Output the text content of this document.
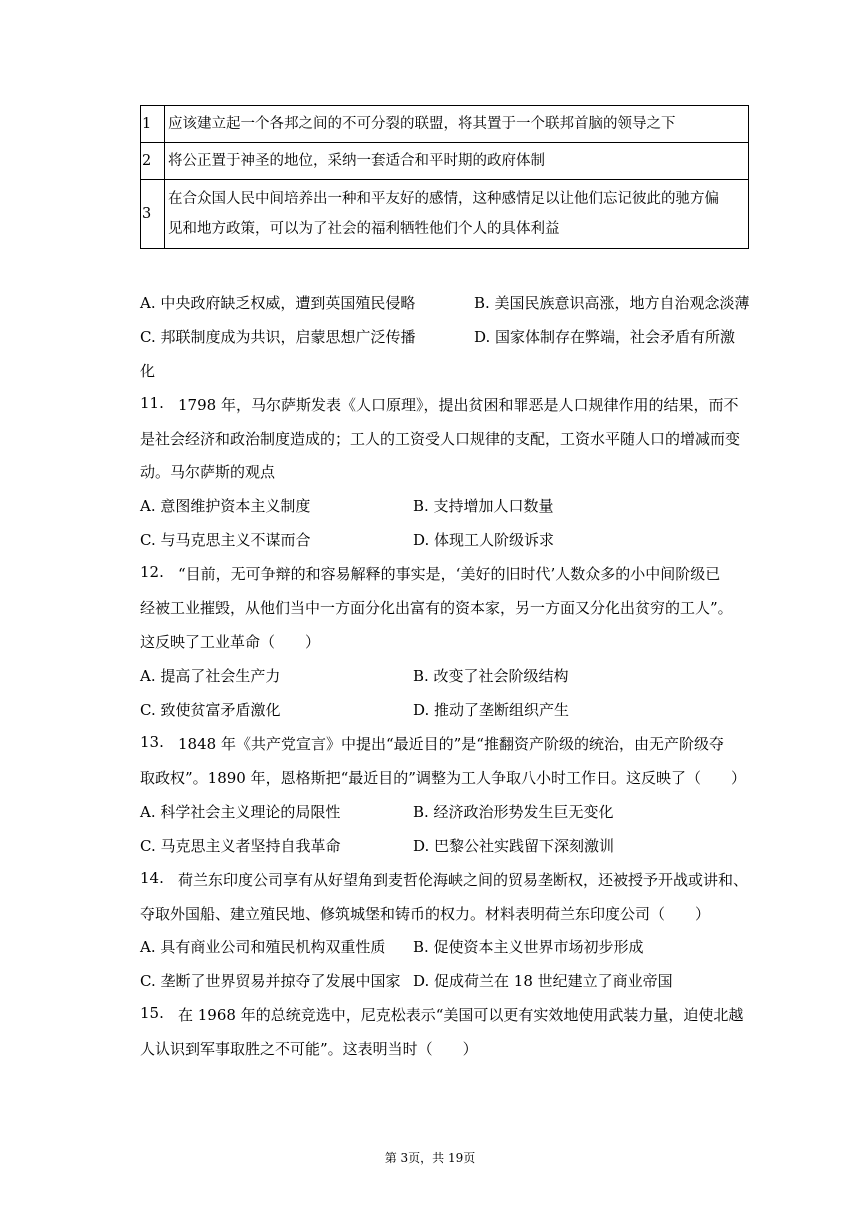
1	应该建立起一个各邦之间的不可分裂的联盟，将其置于一个联邦首脑的领导之下
2	将公正置于神圣的地位，采纳一套适合和平时期的政府体制
3	在合众国人民中间培养出一种和平友好的感情，这种感情足以让他们忘记彼此的驰方偏
见和地方政策，可以为了社会的福利牺牲他们个人的具体利益
A. 中央政府缺乏权威，遭到英国殖民侵略	B. 美国民族意识高涨，地方自治观念淡薄
C. 邦联制度成为共识，启蒙思想广泛传播	D. 国家体制存在弊端，社会矛盾有所激
化
11. 1798 年，马尔萨斯发表《人口原理》，提出贫困和罪恶是人口规律作用的结果，而不
是社会经济和政治制度造成的；工人的工资受人口规律的支配，工资水平随人口的增减而变
动。马尔萨斯的观点
A. 意图维护资本主义制度	B. 支持增加人口数量
C. 与马克思主义不谋而合	D. 体现工人阶级诉求
12. “目前，无可争辩的和容易解释的事实是，‘美好的旧时代’人数众多的小中间阶级已
经被工业摧毁，从他们当中一方面分化出富有的资本家，另一方面又分化出贫穷的工人”。
这反映了工业革命（　　）
A. 提高了社会生产力	B. 改变了社会阶级结构
C. 致使贫富矛盾激化	D. 推动了垄断组织产生
13. 1848 年《共产党宣言》中提出“最近目的”是“推翻资产阶级的统治，由无产阶级夺
取政权”。1890 年，恩格斯把“最近目的”调整为工人争取八小时工作日。这反映了（　　）
A. 科学社会主义理论的局限性	B. 经济政治形势发生巨无变化
C. 马克思主义者坚持自我革命	D. 巴黎公社实践留下深刻激训
14. 荷兰东印度公司享有从好望角到麦哲伦海峡之间的贸易垄断权，还被授予开战或讲和、
夺取外国船、建立殖民地、修筑城堡和铸币的权力。材料表明荷兰东印度公司（　　）
A. 具有商业公司和殖民机构双重性质 B. 促使资本主义世界市场初步形成
C. 垄断了世界贸易并掠夺了发展中国家 D. 促成荷兰在 18 世纪建立了商业帝国
15. 在 1968 年的总统竞选中，尼克松表示“美国可以更有实效地使用武装力量，迫使北越
人认识到军事取胜之不可能”。这表明当时（　　）
第 3页，共 19页
